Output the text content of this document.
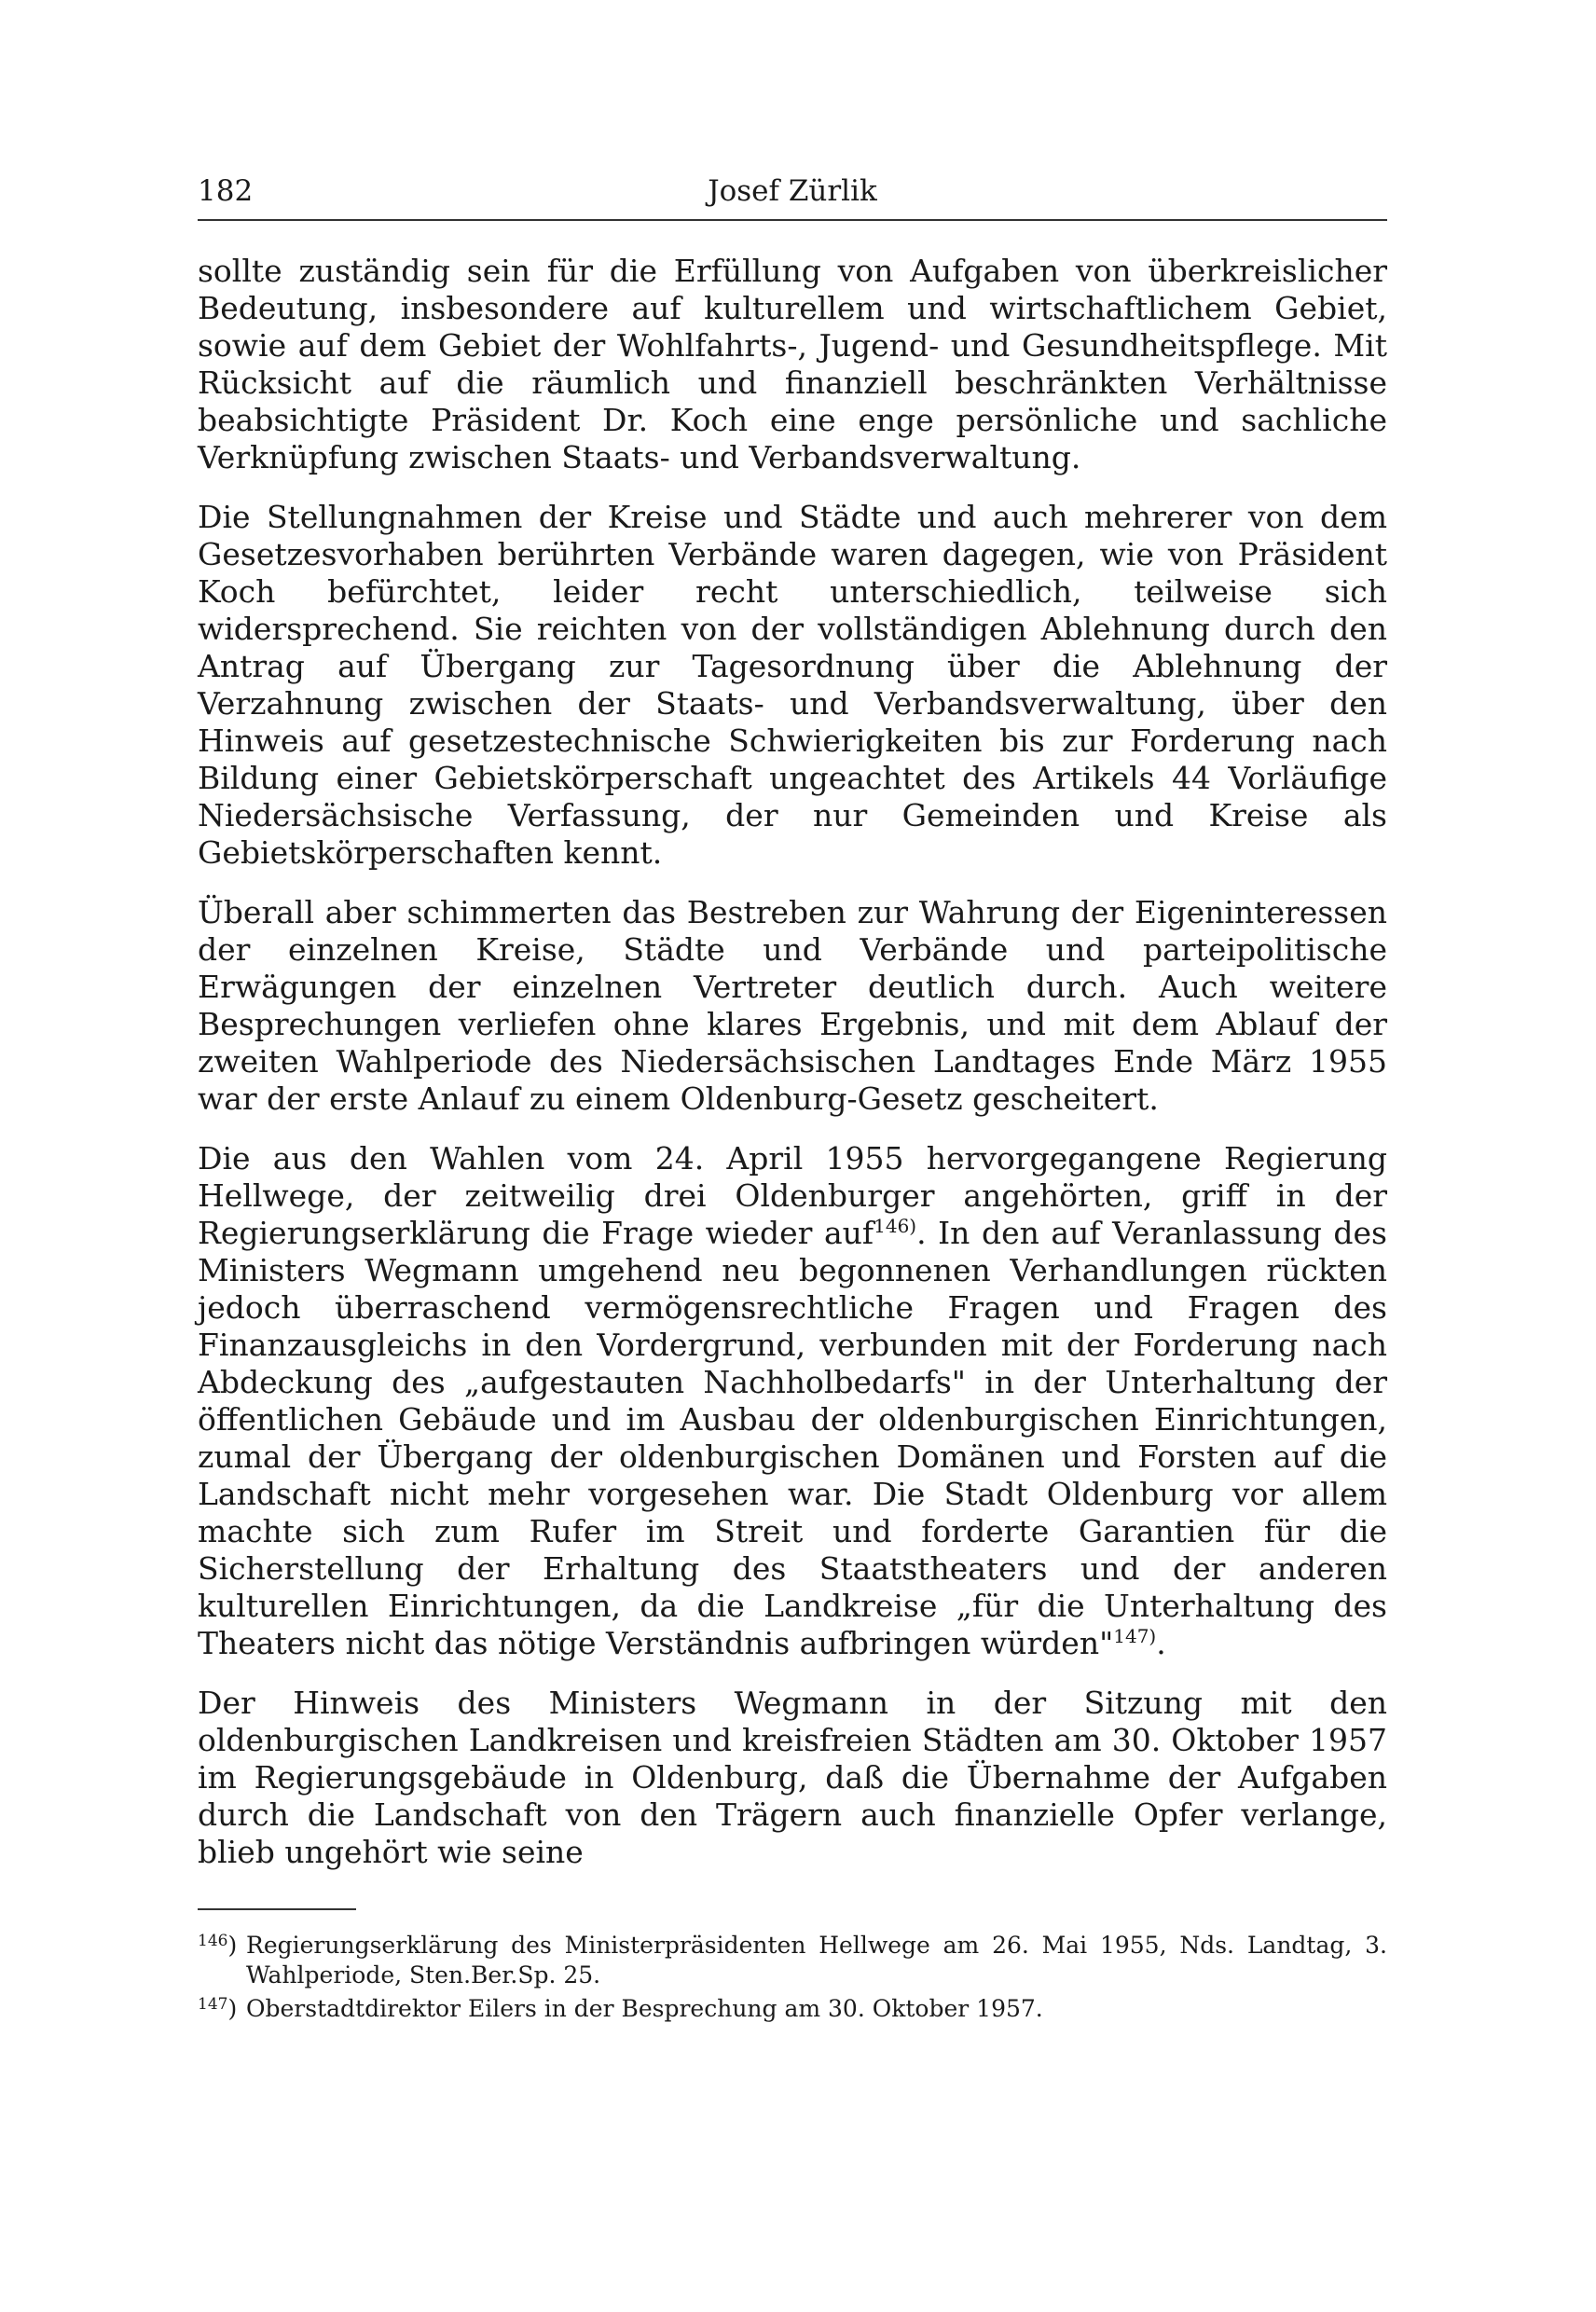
182	Josef Zürlik

sollte zuständig sein für die Erfüllung von Aufgaben von überkreislicher Bedeutung, insbesondere auf kulturellem und wirtschaftlichem Gebiet, sowie auf dem Gebiet der Wohlfahrts-, Jugend- und Gesundheitspflege. Mit Rücksicht auf die räumlich und finanziell beschränkten Verhältnisse beabsichtigte Präsident Dr. Koch eine enge persönliche und sachliche Verknüpfung zwischen Staats- und Verbandsverwaltung.

Die Stellungnahmen der Kreise und Städte und auch mehrerer von dem Gesetzesvorhaben berührten Verbände waren dagegen, wie von Präsident Koch befürchtet, leider recht unterschiedlich, teilweise sich widersprechend. Sie reichten von der vollständigen Ablehnung durch den Antrag auf Übergang zur Tagesordnung über die Ablehnung der Verzahnung zwischen der Staats- und Verbandsverwaltung, über den Hinweis auf gesetzestechnische Schwierigkeiten bis zur Forderung nach Bildung einer Gebietskörperschaft ungeachtet des Artikels 44 Vorläufige Niedersächsische Verfassung, der nur Gemeinden und Kreise als Gebietskörperschaften kennt.

Überall aber schimmerten das Bestreben zur Wahrung der Eigeninteressen der einzelnen Kreise, Städte und Verbände und parteipolitische Erwägungen der einzelnen Vertreter deutlich durch. Auch weitere Besprechungen verliefen ohne klares Ergebnis, und mit dem Ablauf der zweiten Wahlperiode des Niedersächsischen Landtages Ende März 1955 war der erste Anlauf zu einem Oldenburg-Gesetz gescheitert.

Die aus den Wahlen vom 24. April 1955 hervorgegangene Regierung Hellwege, der zeitweilig drei Oldenburger angehörten, griff in der Regierungserklärung die Frage wieder auf$^{146)}$. In den auf Veranlassung des Ministers Wegmann umgehend neu begonnenen Verhandlungen rückten jedoch überraschend vermögensrechtliche Fragen und Fragen des Finanzausgleichs in den Vordergrund, verbunden mit der Forderung nach Abdeckung des „aufgestauten Nachholbedarfs" in der Unterhaltung der öffentlichen Gebäude und im Ausbau der oldenburgischen Einrichtungen, zumal der Übergang der oldenburgischen Domänen und Forsten auf die Landschaft nicht mehr vorgesehen war. Die Stadt Oldenburg vor allem machte sich zum Rufer im Streit und forderte Garantien für die Sicherstellung der Erhaltung des Staatstheaters und der anderen kulturellen Einrichtungen, da die Landkreise „für die Unterhaltung des Theaters nicht das nötige Verständnis aufbringen würden"$^{147)}$.

Der Hinweis des Ministers Wegmann in der Sitzung mit den oldenburgischen Landkreisen und kreisfreien Städten am 30. Oktober 1957 im Regierungsgebäude in Oldenburg, daß die Übernahme der Aufgaben durch die Landschaft von den Trägern auch finanzielle Opfer verlange, blieb ungehört wie seine

$^{146}$) Regierungserklärung des Ministerpräsidenten Hellwege am 26. Mai 1955, Nds. Landtag, 3. Wahlperiode, Sten.Ber.Sp. 25.
$^{147}$) Oberstadtdirektor Eilers in der Besprechung am 30. Oktober 1957.
